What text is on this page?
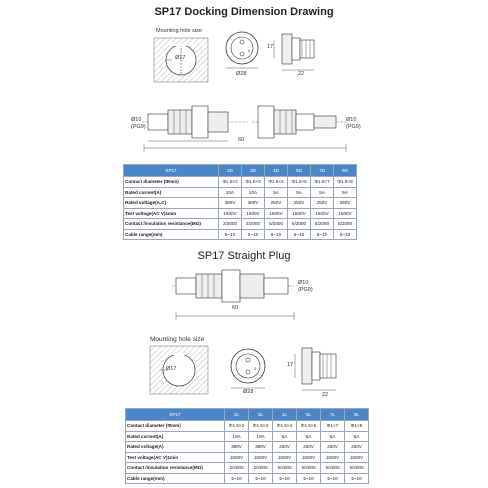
SP17 Docking Dimension Drawing
Mounting hole size
Ø17
2
Ø28
17
22
Ø10
(PG9)
Ø10
(PG9)
60
SP17	2D	3D	4D	5D	7D	9D
Contact diameter (Φmm)	Φ1.5×2	Φ1.5×3	Φ1.5×4	Φ1.5×5	Φ1.5×7	Φ1.5×9
Rated current(A)	10A	10A	5A	5A	5A	5A
Rated voltage(A.C)	380V	380V	250V	250V	250V	250V
Test voltage(AC V)1min	1500V	1500V	1500V	1500V	1500V	1500V
Contact /insulation resistance(MΩ)	2/2000	2/2000	5/2000	5/2000	5/2000	5/2000
Cable range(mm)	5~10	5~10	5~10	5~10	5~10	5~10
SP17 Straight Plug
Ø10
(PG9)
60
Mounting hole size
Ø17	2
Ø28
17
22
SP17	2L	3L	4L	5L	7L	9L
Contact diameter (Φmm)	Φ1.5×2	Φ1.5×3	Φ1.5×4	Φ1.5×5	Φ1×7	Φ1×9
Rated current(A)	10A	10A	5A	5A	5A	5A
Rated voltage(A)	380V	380V	250V	250V	250V	250V
Test voltage(AC V)1min	1500V	1500V	1500V	1500V	1500V	1500V
Contact /insulation resistance(MΩ)	2/2000	2/2000	5/2000	5/2000	5/2000	5/2000
Cable range(mm)	5~10	5~10	5~10	5~10	5~10	5~10
